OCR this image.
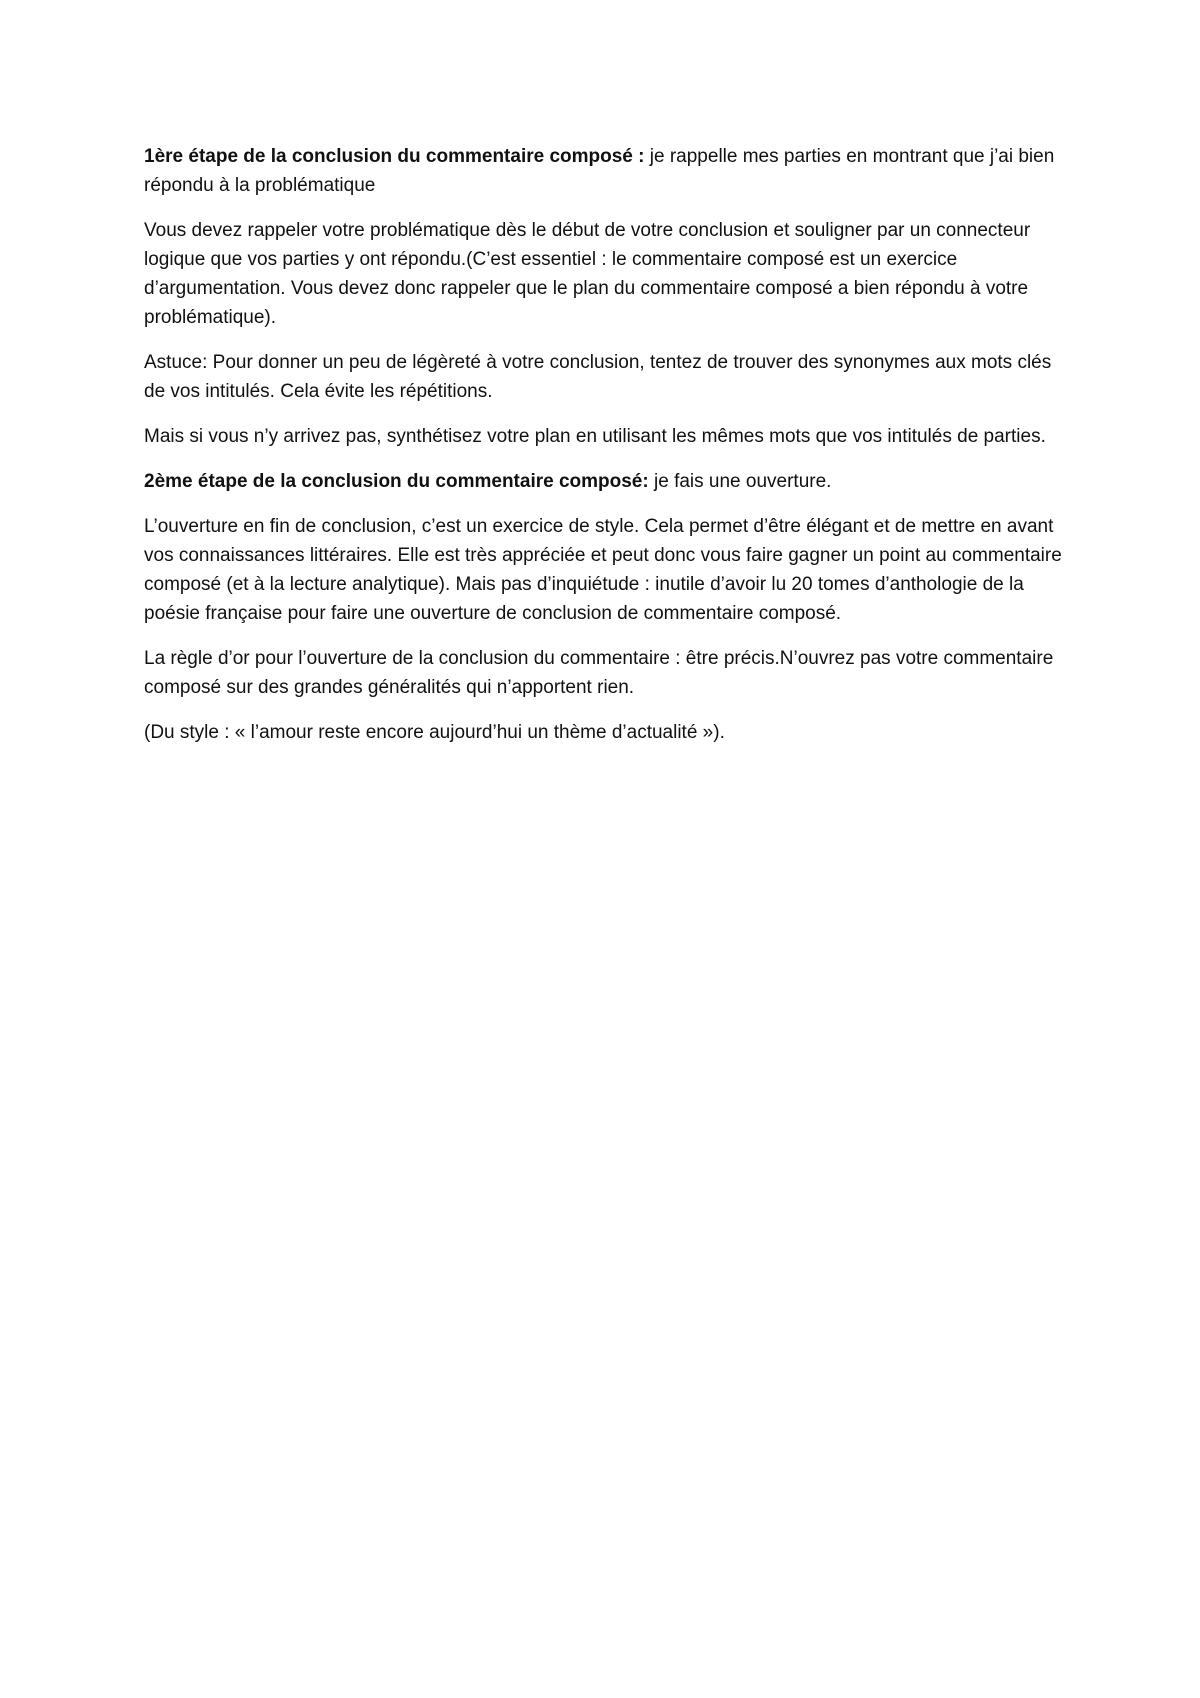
1ère étape de la conclusion du commentaire composé : je rappelle mes parties en montrant que j’ai bien répondu à la problématique

Vous devez rappeler votre problématique dès le début de votre conclusion et souligner par un connecteur logique que vos parties y ont répondu.(C’est essentiel : le commentaire composé est un exercice d’argumentation. Vous devez donc rappeler que le plan du commentaire composé a bien répondu à votre problématique).

Astuce: Pour donner un peu de légèreté à votre conclusion, tentez de trouver des synonymes aux mots clés de vos intitulés. Cela évite les répétitions.

Mais si vous n’y arrivez pas, synthétisez votre plan en utilisant les mêmes mots que vos intitulés de parties.

2ème étape de la conclusion du commentaire composé: je fais une ouverture.

L’ouverture en fin de conclusion, c’est un exercice de style. Cela permet d’être élégant et de mettre en avant vos connaissances littéraires. Elle est très appréciée et peut donc vous faire gagner un point au commentaire composé (et à la lecture analytique). Mais pas d’inquiétude : inutile d’avoir lu 20 tomes d’anthologie de la poésie française pour faire une ouverture de conclusion de commentaire composé.

La règle d’or pour l’ouverture de la conclusion du commentaire : être précis.N’ouvrez pas votre commentaire composé sur des grandes généralités qui n’apportent rien.

(Du style : « l’amour reste encore aujourd’hui un thème d’actualité »).
